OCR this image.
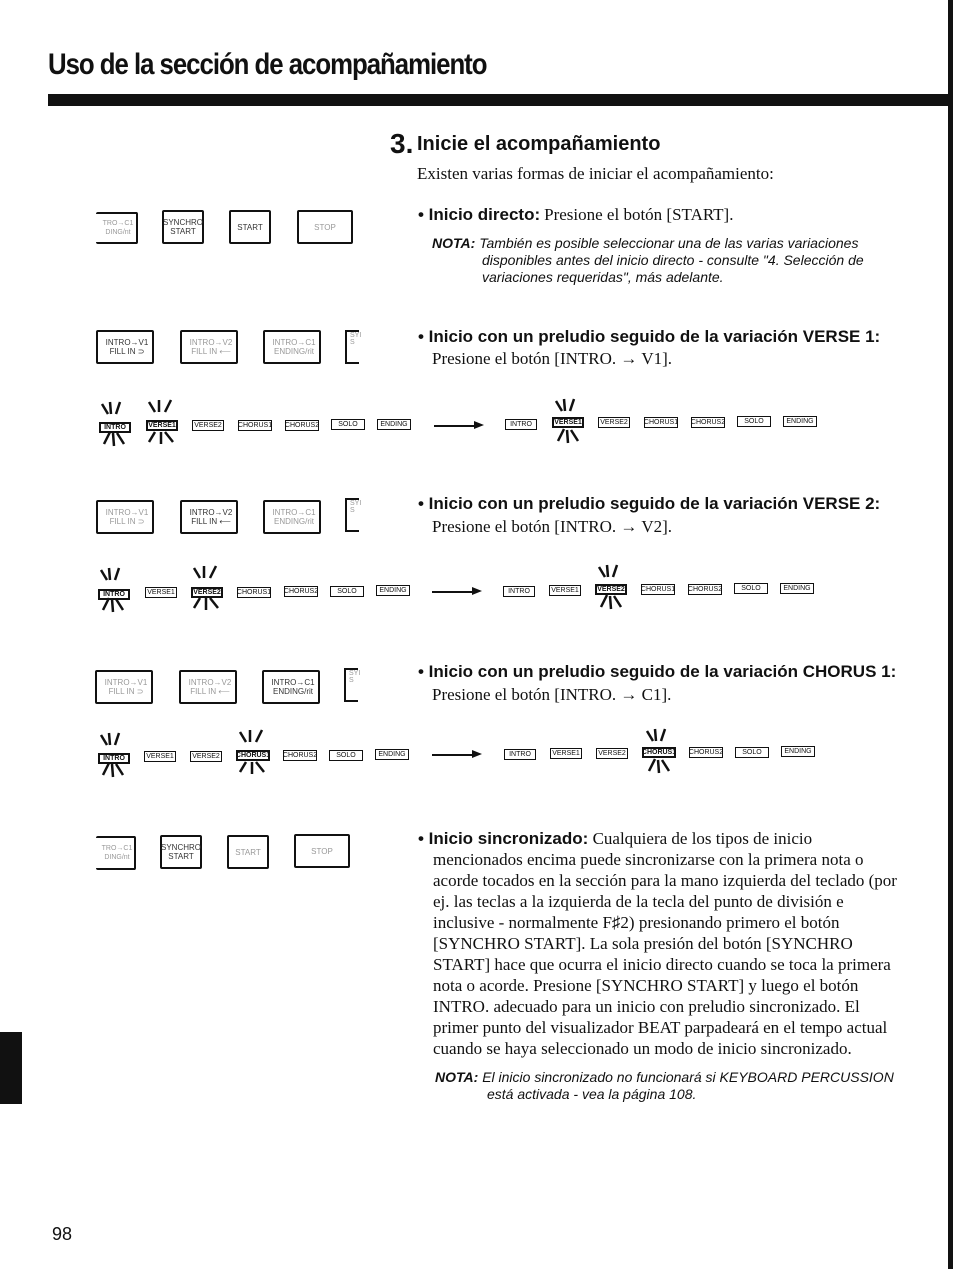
Uso de la sección de acompañamiento
3. Inicie el acompañamiento
Existen varias formas de iniciar el acompañamiento:
TRO→C1 DING/nt
SYNCHRO START	START	STOP
• Inicio directo: Presione el botón [START].
NOTA: También es posible seleccionar una de las varias variaciones
disponibles antes del inicio directo - consulte "4. Selección de
variaciones requeridas", más adelante.
INTRO→V1 FILL IN ⊃
INTRO→V2 FILL IN ⟵
INTRO→C1 ENDING/rit
SYI S	• Inicio con un preludio seguido de la variación VERSE 1:
Presione el botón [INTRO. → V1].
INTRO	VERSE1	VERSE2	CHORUS1 CHORUS2	SOLO	ENDING	INTRO	VERSE1	VERSE2	CHORUS1 CHORUS2	SOLO	ENDING
INTRO→V1 FILL IN ⊃
INTRO→V2 FILL IN ⟵
INTRO→C1 ENDING/rit
SYI S	• Inicio con un preludio seguido de la variación VERSE 2:
Presione el botón [INTRO. → V2].
INTRO	VERSE1	VERSE2	CHORUS1 CHORUS2	SOLO	ENDING	INTRO	VERSE1	VERSE2	CHORUS1 CHORUS2	SOLO	ENDING
INTRO→V1 FILL IN ⊃
INTRO→V2 FILL IN ⟵
INTRO→C1 ENDING/rit
SYI S	• Inicio con un preludio seguido de la variación CHORUS 1:
Presione el botón [INTRO. → C1].
INTRO	VERSE1	VERSE2	CHORUS1 CHORUS2	SOLO	ENDING	INTRO	VERSE1	VERSE2	CHORUS1 CHORUS2	SOLO	ENDING
TRO→C1 DING/nt
SYNCHRO START	START	STOP
• Inicio sincronizado: Cualquiera de los tipos de inicio
mencionados encima puede sincronizarse con la primera nota o
acorde tocados en la sección para la mano izquierda del teclado (por
ej. las teclas a la izquierda de la tecla del punto de división e
inclusive - normalmente F♯2) presionando primero el botón
[SYNCHRO START]. La sola presión del botón [SYNCHRO
START] hace que ocurra el inicio directo cuando se toca la primera
nota o acorde. Presione [SYNCHRO START] y luego el botón
INTRO. adecuado para un inicio con preludio sincronizado. El
primer punto del visualizador BEAT parpadeará en el tempo actual
cuando se haya seleccionado un modo de inicio sincronizado.
NOTA: El inicio sincronizado no funcionará si KEYBOARD PERCUSSION
está activada - vea la página 108.
98
